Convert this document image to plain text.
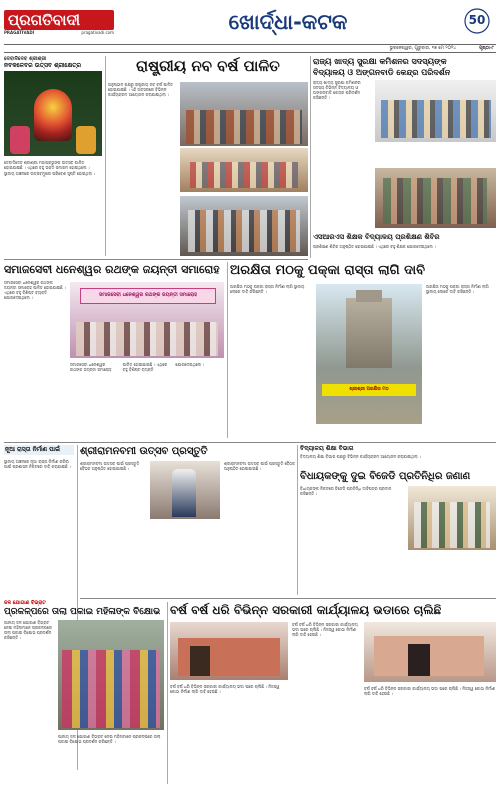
ପ୍ରଗତିବାଦୀ
PRAGATIVADI	pragativadi.com	ଖୋର୍ଦ୍ଧା-କଟକ	50
ଭୁବନେଶ୍ୱର, ଗୁରୁବାର, ୧୭ ମେ ୨୦୨୪	ପୃଷ୍ଠା-୮
ଦେବାଦିଦେବ ଶ୍ରୀଶ୍ରୀ
ନବକଳେବର ଉତ୍ସବ ଶ୍ରୀକ୍ଷେତ୍ର

ଦେବାଦିଦେବ ଶ୍ରୀଶ୍ରୀ ମହାପ୍ରଭୁଙ୍କ ଉତ୍ସବ ପାଳିତ ହୋଇଯାଇଛି । ଏଥିରେ ବହୁ ଭକ୍ତ ସମାଗମ ହୋଇଥିଲେ ।

ସ୍ଥାନୀୟ ଅଞ୍ଚଳରେ ଉତ୍ସବମୁଖର ପରିବେଶ ସୃଷ୍ଟି ହୋଇଥିଲା ।

ରାଷ୍ଟ୍ରୀୟ ନବ ବର୍ଷ ପାଳିତ

ଅନୁଷ୍ଠାନ ପକ୍ଷରୁ ରାଷ୍ଟ୍ରୀୟ ନବ ବର୍ଷ ପାଳିତ ହୋଇଯାଇଛି । ଏହି ଅବସରରେ ବିଭିନ୍ନ କାର୍ଯ୍ୟକ୍ରମ ଆୟୋଜନ କରାଯାଇଥିଲା ।

ରାଜ୍ୟ ଖାଦ୍ୟ ସୁରକ୍ଷା କମିଶନର ସଦସ୍ୟଙ୍କ
ବିଦ୍ୟାଳୟ ଓ ଅଙ୍ଗନବାଡି କେନ୍ଦ୍ର ପରିଦର୍ଶନ

ରାଜ୍ୟ ଖାଦ୍ୟ ସୁରକ୍ଷା କମିଶନର ସଦସ୍ୟ ବିଭିନ୍ନ ବିଦ୍ୟାଳୟ ଓ ଅଙ୍ଗନବାଡି କେନ୍ଦ୍ର ପରିଦର୍ଶନ କରିଛନ୍ତି ।

ଏସଆରଏସ ଶିକ୍ଷକ ବିଦ୍ୟାଳୟ ପ୍ରଶିକ୍ଷଣ ଶିବିର

ପ୍ରଶିକ୍ଷଣ ଶିବିର ଅନୁଷ୍ଠିତ ହୋଇଯାଇଛି । ଏଥିରେ ବହୁ ଶିକ୍ଷକ ଯୋଗଦେଇଥିଲେ ।

ସମାଜସେବୀ ଧନେଶ୍ୱର ରଥଙ୍କ ଜୟନ୍ତୀ ସମାରୋହ

ସମାଜସେବୀ ଧନେଶ୍ୱର ରଥଙ୍କ ଜୟନ୍ତୀ ସମାରୋହ ପାଳିତ ହୋଇଯାଇଛି । ଏଥିରେ ବହୁ ବିଶିଷ୍ଟ ବ୍ୟକ୍ତି ଯୋଗଦେଇଥିଲେ ।	ସମାଜସେବୀ ଧନେଶ୍ୱର ରଥଙ୍କ ଜୟନ୍ତୀ ସମାରୋହ

ସମାଜସେବୀ ଧନେଶ୍ୱର ରଥଙ୍କ ଜୟନ୍ତୀ ସମାରୋହ ପାଳିତ ହୋଇଯାଇଛି । ଏଥିରେ ବହୁ ବିଶିଷ୍ଟ ବ୍ୟକ୍ତି ଯୋଗଦେଇଥିଲେ ।

ଅରକ୍ଷିତା ମଠକୁ ପକ୍କା ରାସ୍ତା ଲାଗି ଦାବି

ଅରକ୍ଷିତା ମଠକୁ ପକ୍କା ରାସ୍ତା ନିର୍ମାଣ ଲାଗି ସ୍ଥାନୀୟ ଲୋକେ ଦାବି କରିଛନ୍ତି ।

ଶ୍ରୀଶ୍ରୀ ଅରକ୍ଷିତା ମଠ

ଅରକ୍ଷିତା ମଠକୁ ପକ୍କା ରାସ୍ତା ନିର୍ମାଣ ଲାଗି ସ୍ଥାନୀୟ ଲୋକେ ଦାବି କରିଛନ୍ତି ।

ନୂଆ ରାସ୍ତା ନିର୍ମାଣ ପାଇଁ

ସ୍ଥାନୀୟ ଅଞ୍ଚଳରେ ନୂଆ ରାସ୍ତା ନିର୍ମାଣ କରିବା ପାଇଁ ପ୍ରଶାସନ ନିକଟରେ ଦାବି କରାଯାଇଛି ।

ଶ୍ରୀରାମନବମୀ ଉତ୍ସବ ପ୍ରସ୍ତୁତି

ଶ୍ରୀରାମନବମୀ ଉତ୍ସବ ପାଇଁ ପ୍ରସ୍ତୁତି ବୈଠକ ଅନୁଷ୍ଠିତ ହୋଇଯାଇଛି ।

ଶ୍ରୀରାମନବମୀ ଉତ୍ସବ ପାଇଁ ପ୍ରସ୍ତୁତି ବୈଠକ ଅନୁଷ୍ଠିତ ହୋଇଯାଇଛି ।

ବିଦ୍ୟାଳୟ ଶିକ୍ଷା ବିଭାଗ

ବିଦ୍ୟାଳୟ ଶିକ୍ଷା ବିଭାଗ ପକ୍ଷରୁ ବିଭିନ୍ନ କାର୍ଯ୍ୟକ୍ରମ ଆୟୋଜନ କରାଯାଇଥିଲା ।

ବିଧାୟକଙ୍କୁ ଦୁଇ ବିଜେଡି ପ୍ରତିନିଧିର ଜଣାଣ

ବିଧାୟକଙ୍କ ନିକଟରେ ବିଜେଡି ପ୍ରତିନିଧି ଦାବିପତ୍ର ପ୍ରଦାନ କରିଛନ୍ତି ।

ଜଳ ଯୋଗାଣ ବିଭ୍ରାଟ
ପ୍ରକଳ୍ପରେ ତାଲା ପକାଇ ମହିଳାଙ୍କ ବିକ୍ଷୋଭ

ପାନୀୟ ଜଳ ଯୋଗାଣ ବିଭ୍ରାଟ ନେଇ ମହିଳାମାନେ ପ୍ରକଳ୍ପରେ ତାଲା ପକାଇ ବିକ୍ଷୋଭ ପ୍ରଦର୍ଶନ କରିଛନ୍ତି ।

ପାନୀୟ ଜଳ ଯୋଗାଣ ବିଭ୍ରାଟ ନେଇ ମହିଳାମାନେ ପ୍ରକଳ୍ପରେ ତାଲା ପକାଇ ବିକ୍ଷୋଭ ପ୍ରଦର୍ଶନ କରିଛନ୍ତି ।

ବର୍ଷ ବର୍ଷ ଧରି ବିଭିନ୍ନ ସରକାରୀ କାର୍ଯ୍ୟାଳୟ ଭଡାରେ ଚାଲିଛି

ବର୍ଷ ବର୍ଷ ଧରି ବିଭିନ୍ନ ସରକାରୀ କାର୍ଯ୍ୟାଳୟ ଭଡା ଘରେ ଚାଲିଛି । ନିଜସ୍ୱ କୋଠା ନିର୍ମାଣ ଲାଗି ଦାବି ହେଉଛି ।

ବର୍ଷ ବର୍ଷ ଧରି ବିଭିନ୍ନ ସରକାରୀ କାର୍ଯ୍ୟାଳୟ ଭଡା ଘରେ ଚାଲିଛି । ନିଜସ୍ୱ କୋଠା ନିର୍ମାଣ ଲାଗି ଦାବି ହେଉଛି ।

ବର୍ଷ ବର୍ଷ ଧରି ବିଭିନ୍ନ ସରକାରୀ କାର୍ଯ୍ୟାଳୟ ଭଡା ଘରେ ଚାଲିଛି । ନିଜସ୍ୱ କୋଠା ନିର୍ମାଣ ଲାଗି ଦାବି ହେଉଛି ।
